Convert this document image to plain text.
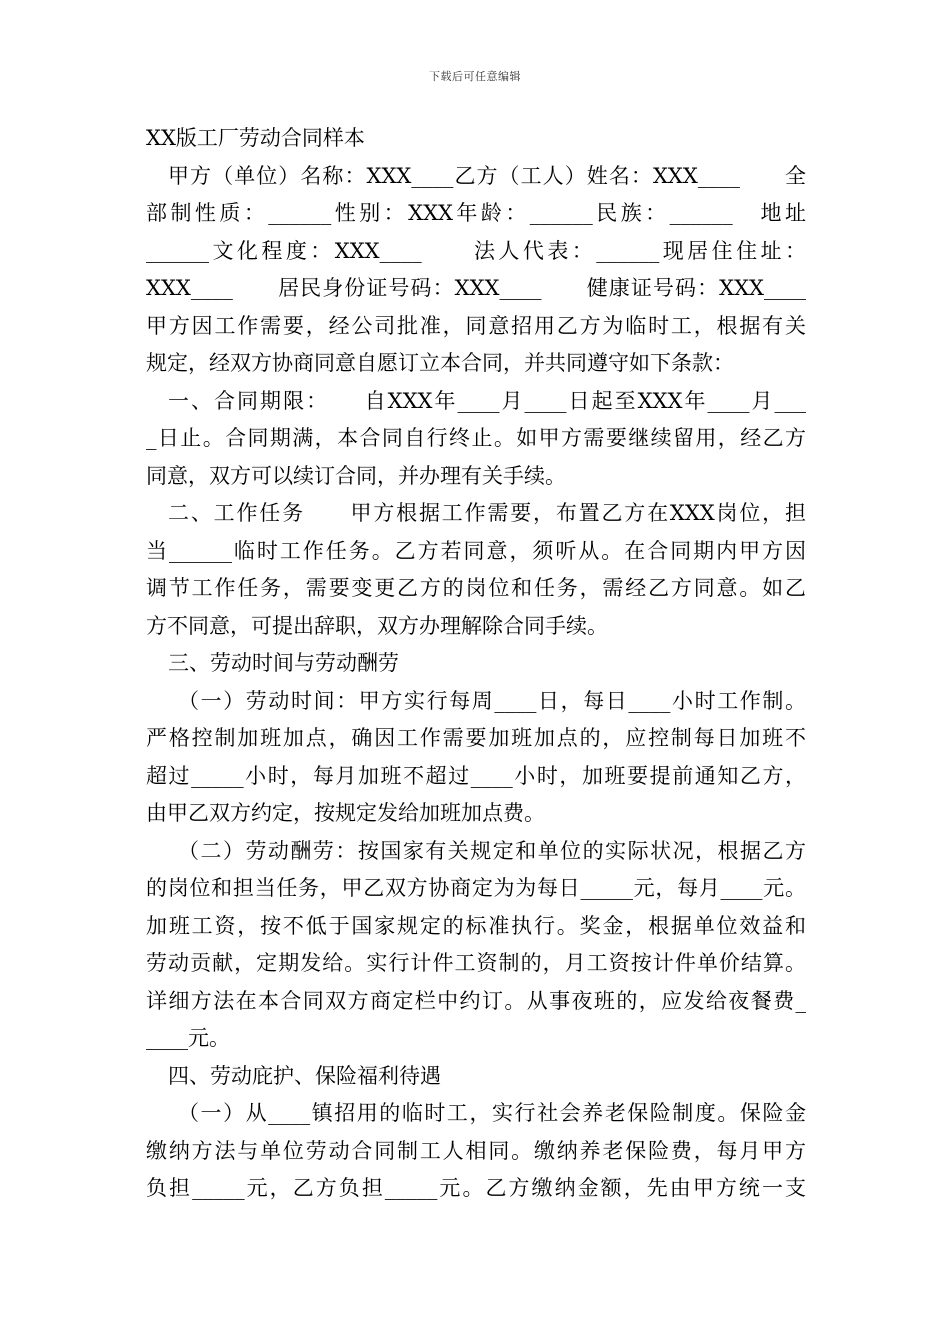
下载后可任意编辑
XX版工厂劳动合同样本
甲方（单位）名称：XXX____乙方（工人）姓名：XXX____　　全
部制性质：______性别：XXX年龄：______民族：______　地址
______文化程度：XXX____　　法人代表：______现居住住址：
XXX____　　居民身份证号码：XXX____　　健康证号码：XXX____
甲方因工作需要，经公司批准，同意招用乙方为临时工，根据有关
规定，经双方协商同意自愿订立本合同，并共同遵守如下条款：
一、合同期限：　　自XXX年____月____日起至XXX年____月___
_日止。合同期满，本合同自行终止。如甲方需要继续留用，经乙方
同意，双方可以续订合同，并办理有关手续。
二、工作任务　　甲方根据工作需要，布置乙方在XXX岗位，担
当______临时工作任务。乙方若同意，须听从。在合同期内甲方因
调节工作任务，需要变更乙方的岗位和任务，需经乙方同意。如乙
方不同意，可提出辞职，双方办理解除合同手续。
三、劳动时间与劳动酬劳
（一）劳动时间：甲方实行每周____日，每日____小时工作制。
严格控制加班加点，确因工作需要加班加点的，应控制每日加班不
超过_____小时，每月加班不超过____小时，加班要提前通知乙方，
由甲乙双方约定，按规定发给加班加点费。
（二）劳动酬劳：按国家有关规定和单位的实际状况，根据乙方
的岗位和担当任务，甲乙双方协商定为为每日_____元，每月____元。
加班工资，按不低于国家规定的标准执行。奖金，根据单位效益和
劳动贡献，定期发给。实行计件工资制的，月工资按计件单价结算。
详细方法在本合同双方商定栏中约订。从事夜班的，应发给夜餐费_
____元。
四、劳动庇护、保险福利待遇
（一）从____镇招用的临时工，实行社会养老保险制度。保险金
缴纳方法与单位劳动合同制工人相同。缴纳养老保险费，每月甲方
负担_____元，乙方负担_____元。乙方缴纳金额，先由甲方统一支
